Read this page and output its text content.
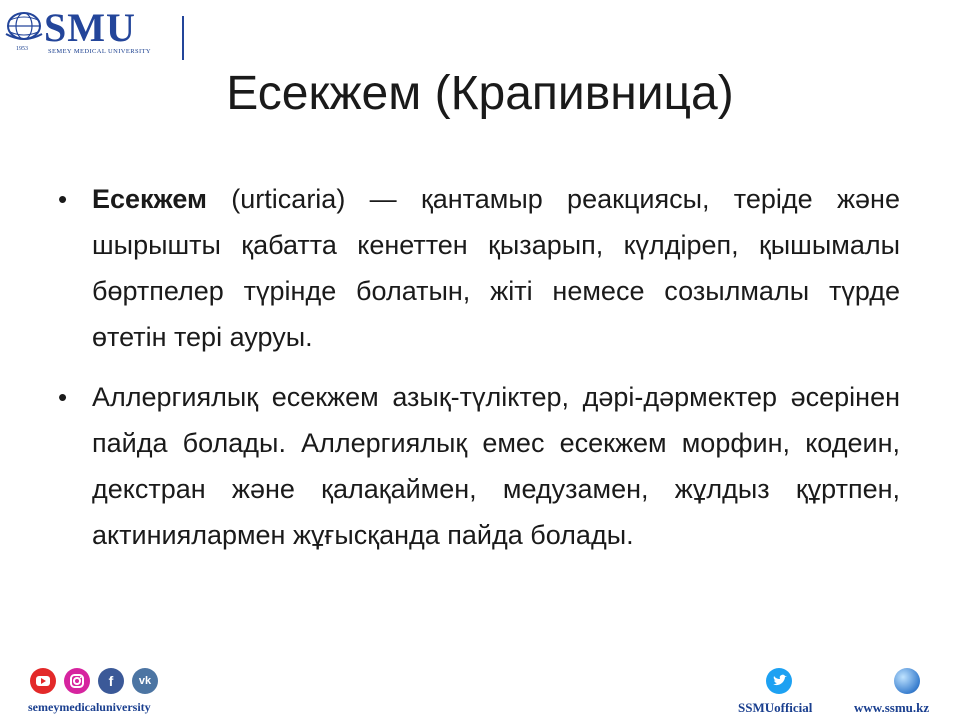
1953 SMU
SEMEY MEDICAL UNIVERSITY
Есекжем (Крапивница)
• Есекжем (urticaria) — қантамыр реакциясы, теріде және шырышты қабатта кенеттен қызарып, күлдіреп, қышымалы бөртпелер түрінде болатын, жіті немесе созылмалы түрде өтетін тері ауруы.
• Аллергиялық есекжем азық-түліктер, дәрі-дәрмектер әсерінен пайда болады. Аллергиялық емес есекжем морфин, кодеин, декстран және қалақаймен, медузамен, жұлдыз құртпен, актиниялармен жұғысқанда пайда болады.
f	vk
semeymedicaluniversity	SSMUofficial	www.ssmu.kz
